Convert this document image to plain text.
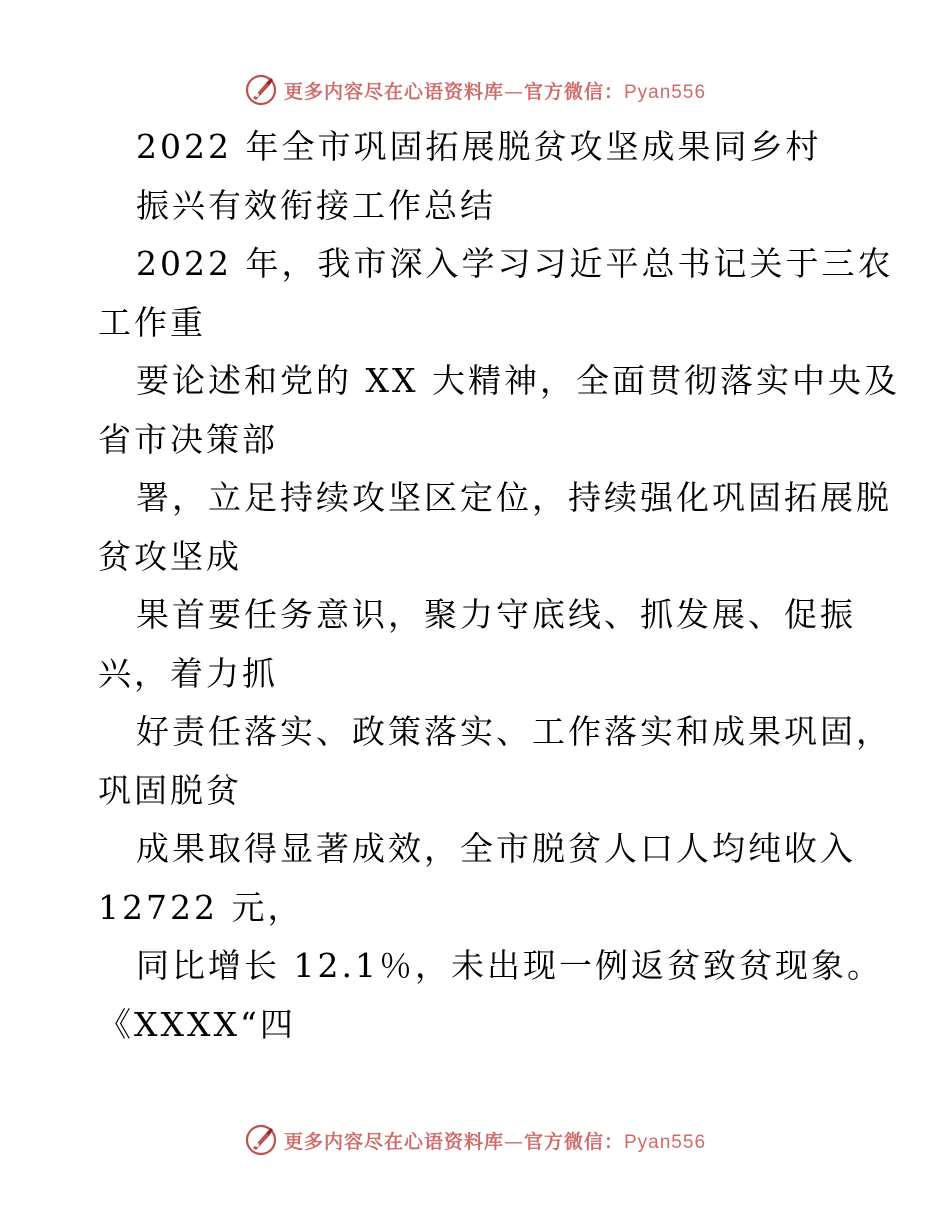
更多内容尽在心语资料库—官方微信：Pyan556
2022 年全市巩固拓展脱贫攻坚成果同乡村
振兴有效衔接工作总结
2022 年，我市深入学习习近平总书记关于三农
工作重
要论述和党的 XX 大精神，全面贯彻落实中央及
省市决策部
署，立足持续攻坚区定位，持续强化巩固拓展脱
贫攻坚成
果首要任务意识，聚力守底线、抓发展、促振
兴，着力抓
好责任落实、政策落实、工作落实和成果巩固，
巩固脱贫
成果取得显著成效，全市脱贫人口人均纯收入
12722 元，
同比增长 12.1％，未出现一例返贫致贫现象。
《XXXX“四
更多内容尽在心语资料库—官方微信：Pyan556
